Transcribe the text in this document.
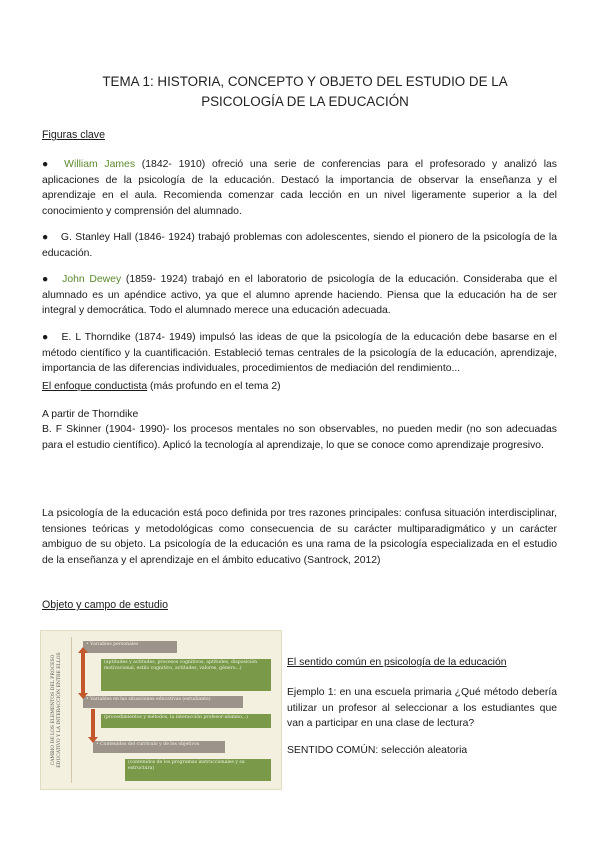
TEMA 1: HISTORIA, CONCEPTO Y OBJETO DEL ESTUDIO DE LA
PSICOLOGÍA DE LA EDUCACIÓN
Figuras clave
● William James (1842- 1910) ofreció una serie de conferencias para el profesorado y analizó las aplicaciones de la psicología de la educación. Destacó la importancia de observar la enseñanza y el aprendizaje en el aula. Recomienda comenzar cada lección en un nivel ligeramente superior a la del conocimiento y comprensión del alumnado.
● G. Stanley Hall (1846- 1924) trabajó problemas con adolescentes, siendo el pionero de la psicología de la educación.
● John Dewey (1859- 1924) trabajó en el laboratorio de psicología de la educación. Consideraba que el alumnado es un apéndice activo, ya que el alumno aprende haciendo. Piensa que la educación ha de ser integral y democrática. Todo el alumnado merece una educación adecuada.
● E. L Thorndike (1874- 1949) impulsó las ideas de que la psicología de la educación debe basarse en el método científico y la cuantificación. Estableció temas centrales de la psicología de la educación, aprendizaje, importancia de las diferencias individuales, procedimientos de mediación del rendimiento...
El enfoque conductista (más profundo en el tema 2)
A partir de Thorndike
B. F Skinner (1904- 1990)- los procesos mentales no son observables, no pueden medir (no son adecuadas para el estudio científico). Aplicó la tecnología al aprendizaje, lo que se conoce como aprendizaje progresivo.
La psicología de la educación está poco definida por tres razones principales: confusa situación interdisciplinar, tensiones teóricas y metodológicas como consecuencia de su carácter multiparadigmático y un carácter ambiguo de su objeto. La psicología de la educación es una rama de la psicología especializada en el estudio de la enseñanza y el aprendizaje en el ámbito educativo (Santrock, 2012)
Objeto y campo de estudio
CAMBIO DE LOS ELEMENTOS DEL PROCESO EDUCATIVO Y LA INTERACCIÓN ENTRE ELLOS
• Variables personales
(aptitudes y actitudes, procesos cognitivos, aptitudes, disposición motivacional, estilo cognitivo, actitudes, valores, género...)
• Variables en las situaciones educativas (estudiante)
(procedimientos y métodos, la interacción profesor-alumno...)
• Contenidos del currículo y de los objetivos
(contenidos de los programas instruccionales y su estructura)
El sentido común en psicología de la educación
Ejemplo 1: en una escuela primaria ¿Qué método debería utilizar un profesor al seleccionar a los estudiantes que van a participar en una clase de lectura?
SENTIDO COMÚN: selección aleatoria
